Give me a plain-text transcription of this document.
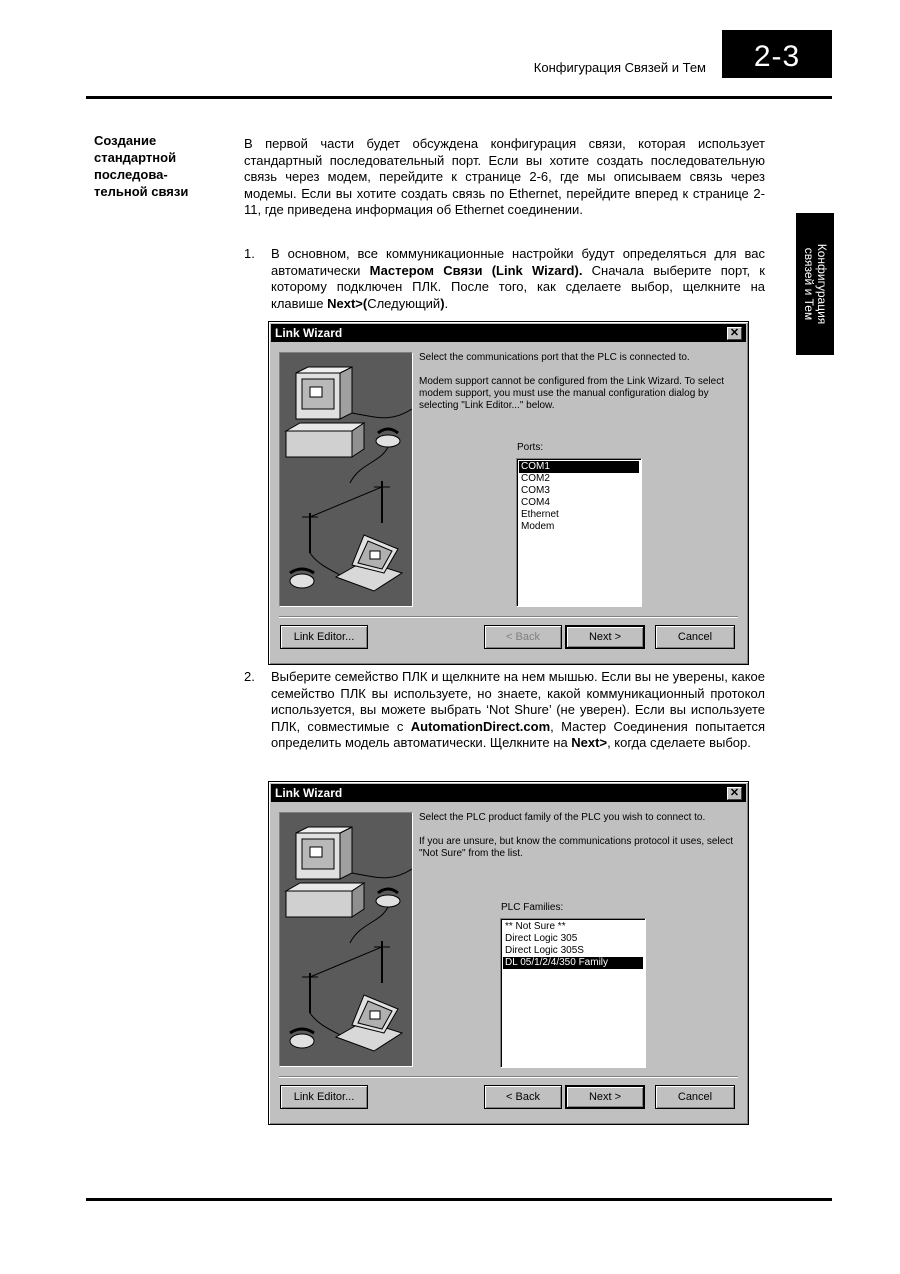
Конфигурация Связей и Тем	2-3
Конфигурация
связей и Тем
Создание
стандартной
последова-
тельной связи
В первой части будет обсуждена конфигурация связи, которая использует стандартный последовательный порт. Если вы хотите создать последовательную связь через модем, перейдите к странице 2-6, где мы описываем связь через модемы. Если вы хотите создать связь по Ethernet, перейдите вперед к странице 2-11, где приведена информация об Ethernet соединении.
1. В основном, все коммуникационные настройки будут определяться для вас автоматически Мастером Связи (Link Wizard). Сначала выберите порт, к которому подключен ПЛК. После того, как сделаете выбор, щелкните на клавише Next>(Следующий).
Link Wizard	✕

Select the communications port that the PLC is connected to.

Modem support cannot be configured from the Link Wizard. To select modem support, you must use the manual configuration dialog by selecting "Link Editor..." below.

Ports:
COM1
COM2
COM3
COM4
Ethernet
Modem
Link Editor...	< Back	Next >	Cancel
2. Выберите семейство ПЛК и щелкните на нем мышью. Если вы не уверены, какое семейство ПЛК вы используете, но знаете, какой коммуникационный протокол используется, вы можете выбрать ‘Not Shure’ (не уверен). Если вы используете ПЛК, совместимые с AutomationDirect.com, Мастер Соединения попытается определить модель автоматически. Щелкните на Next>, когда сделаете выбор.
Link Wizard	✕

Select the PLC product family of the PLC you wish to connect to.

If you are unsure, but know the communications protocol it uses, select "Not Sure" from the list.

PLC Families:
** Not Sure **
Direct Logic 305
Direct Logic 305S
DL 05/1/2/4/350 Family
Link Editor...	< Back	Next >	Cancel
